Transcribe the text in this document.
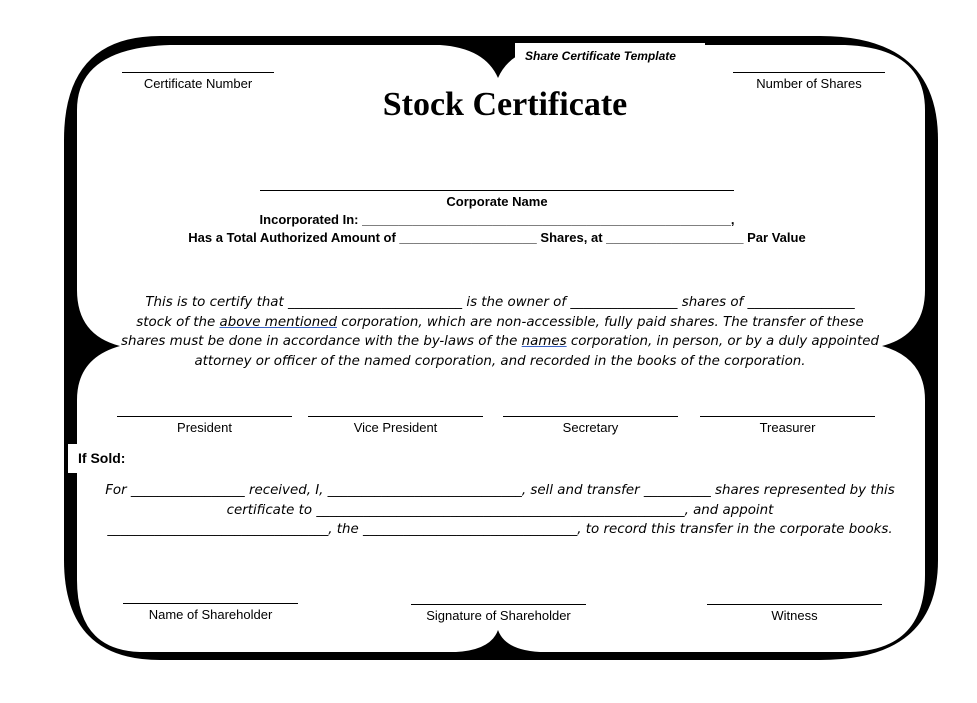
Share Certificate Template
Certificate Number	Number of Shares
Stock Certificate
Corporate Name
Incorporated In: ___________________________________________________,
Has a Total Authorized Amount of ___________________ Shares, at ___________________ Par Value
This is to certify that __________________________ is the owner of ________________ shares of ________________
stock of the above mentioned corporation, which are non-accessible, fully paid shares. The transfer of these
shares must be done in accordance with the by-laws of the names corporation, in person, or by a duly appointed
attorney or officer of the named corporation, and recorded in the books of the corporation.
President	Vice President	Secretary	Treasurer
If Sold:
For _________________ received, I, _____________________________, sell and transfer __________ shares represented by this
certificate to _______________________________________________________, and appoint
_________________________________, the ________________________________, to record this transfer in the corporate books.
Name of Shareholder	Signature of Shareholder	Witness
